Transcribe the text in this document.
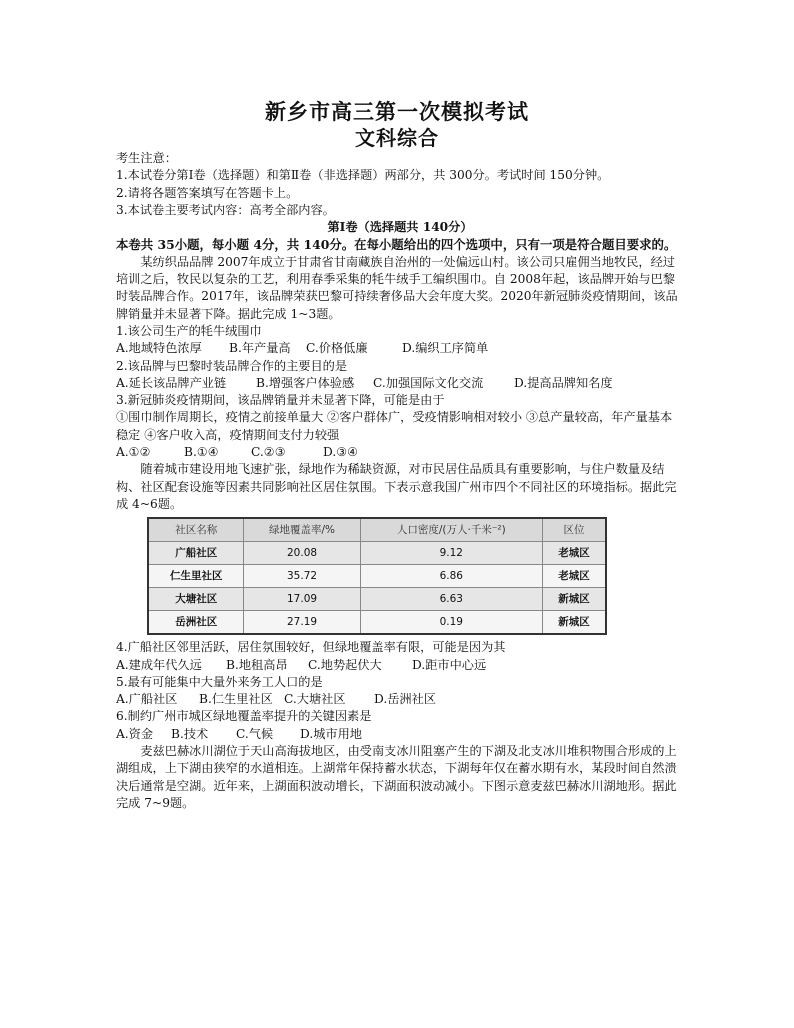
新乡市高三第一次模拟考试
文科综合
考生注意：
1.本试卷分第Ⅰ卷（选择题）和第Ⅱ卷（非选择题）两部分，共 300分。考试时间 150分钟。
2.请将各题答案填写在答题卡上。
3.本试卷主要考试内容：高考全部内容。
第Ⅰ卷（选择题共 140分）
本卷共 35小题，每小题 4分，共 140分。在每小题给出的四个选项中，只有一项是符合题目要求的。
某纺织品品牌 2007年成立于甘肃省甘南藏族自治州的一处偏远山村。该公司只雇佣当地牧民，经过培训之后，牧民以复杂的工艺，利用春季采集的牦牛绒手工编织围巾。自 2008年起，该品牌开始与巴黎时装品牌合作。2017年，该品牌荣获巴黎可持续奢侈品大会年度大奖。2020年新冠肺炎疫情期间，该品牌销量并未显著下降。据此完成 1~3题。
1.该公司生产的牦牛绒围巾
A.地域特色浓厚 B.年产量高 C.价格低廉	D.编织工序简单
2.该品牌与巴黎时装品牌合作的主要目的是
A.延长该品牌产业链 B.增强客户体验感 C.加强国际文化交流	D.提高品牌知名度
3.新冠肺炎疫情期间，该品牌销量并未显著下降，可能是由于
①围巾制作周期长，疫情之前接单量大 ②客户群体广，受疫情影响相对较小 ③总产量较高，年产量基本稳定 ④客户收入高，疫情期间支付力较强
A.①②	B.①④	C.②③	D.③④
随着城市建设用地飞速扩张，绿地作为稀缺资源，对市民居住品质具有重要影响，与住户数量及结构、社区配套设施等因素共同影响社区居住氛围。下表示意我国广州市四个不同社区的环境指标。据此完成 4~6题。
社区名称	绿地覆盖率/%	人口密度/(万人·千米⁻²)	区位
广船社区	20.08	9.12	老城区
仁生里社区	35.72	6.86	老城区
大塘社区	17.09	6.63	新城区
岳洲社区	27.19	0.19	新城区
4.广船社区邻里活跃，居住氛围较好，但绿地覆盖率有限，可能是因为其
A.建成年代久远 B.地租高昂 C.地势起伏大 D.距市中心远
5.最有可能集中大量外来务工人口的是
A.广船社区 B.仁生里社区 C.大塘社区 D.岳洲社区
6.制约广州市城区绿地覆盖率提升的关键因素是
A.资金 B.技术 C.气候 D.城市用地
麦兹巴赫冰川湖位于天山高海拔地区，由受南支冰川阻塞产生的下湖及北支冰川堆积物围合形成的上湖组成，上下湖由狭窄的水道相连。上湖常年保持蓄水状态，下湖每年仅在蓄水期有水，某段时间自然溃决后通常是空湖。近年来，上湖面积波动增长，下湖面积波动减小。下图示意麦兹巴赫冰川湖地形。据此完成 7~9题。
